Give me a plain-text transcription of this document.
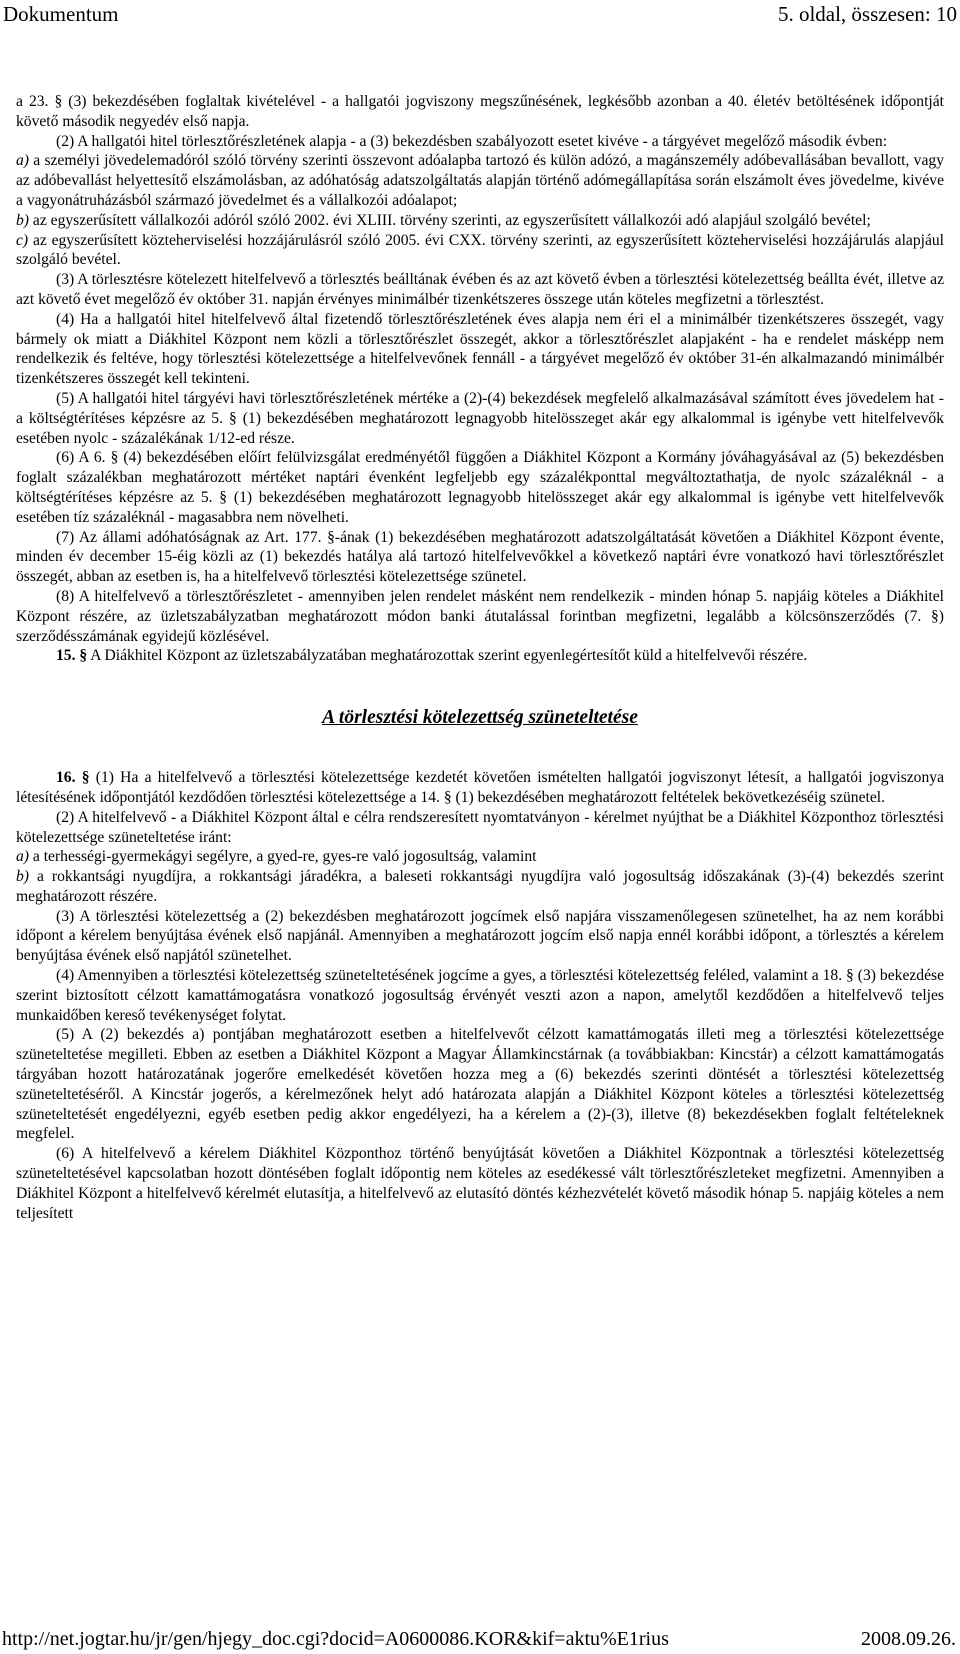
Dokumentum	5. oldal, összesen: 10

a 23. § (3) bekezdésében foglaltak kivételével - a hallgatói jogviszony megszűnésének, legkésőbb azonban a 40. életév betöltésének időpontját követő második negyedév első napja.

(2) A hallgatói hitel törlesztőrészletének alapja - a (3) bekezdésben szabályozott esetet kivéve - a tárgyévet megelőző második évben:

a) a személyi jövedelemadóról szóló törvény szerinti összevont adóalapba tartozó és külön adózó, a magánszemély adóbevallásában bevallott, vagy az adóbevallást helyettesítő elszámolásban, az adóhatóság adatszolgáltatás alapján történő adómegállapítása során elszámolt éves jövedelme, kivéve a vagyonátruházásból származó jövedelmet és a vállalkozói adóalapot;

b) az egyszerűsített vállalkozói adóról szóló 2002. évi XLIII. törvény szerinti, az egyszerűsített vállalkozói adó alapjául szolgáló bevétel;

c) az egyszerűsített közteherviselési hozzájárulásról szóló 2005. évi CXX. törvény szerinti, az egyszerűsített közteherviselési hozzájárulás alapjául szolgáló bevétel.

(3) A törlesztésre kötelezett hitelfelvevő a törlesztés beálltának évében és az azt követő évben a törlesztési kötelezettség beállta évét, illetve az azt követő évet megelőző év október 31. napján érvényes minimálbér tizenkétszeres összege után köteles megfizetni a törlesztést.

(4) Ha a hallgatói hitel hitelfelvevő által fizetendő törlesztőrészletének éves alapja nem éri el a minimálbér tizenkétszeres összegét, vagy bármely ok miatt a Diákhitel Központ nem közli a törlesztőrészlet összegét, akkor a törlesztőrészlet alapjaként - ha e rendelet másképp nem rendelkezik és feltéve, hogy törlesztési kötelezettsége a hitelfelvevőnek fennáll - a tárgyévet megelőző év október 31-én alkalmazandó minimálbér tizenkétszeres összegét kell tekinteni.

(5) A hallgatói hitel tárgyévi havi törlesztőrészletének mértéke a (2)-(4) bekezdések megfelelő alkalmazásával számított éves jövedelem hat - a költségtérítéses képzésre az 5. § (1) bekezdésében meghatározott legnagyobb hitelösszeget akár egy alkalommal is igénybe vett hitelfelvevők esetében nyolc - százalékának 1/12-ed része.

(6) A 6. § (4) bekezdésében előírt felülvizsgálat eredményétől függően a Diákhitel Központ a Kormány jóváhagyásával az (5) bekezdésben foglalt százalékban meghatározott mértéket naptári évenként legfeljebb egy százalékponttal megváltoztathatja, de nyolc százaléknál - a költségtérítéses képzésre az 5. § (1) bekezdésében meghatározott legnagyobb hitelösszeget akár egy alkalommal is igénybe vett hitelfelvevők esetében tíz százaléknál - magasabbra nem növelheti.

(7) Az állami adóhatóságnak az Art. 177. §-ának (1) bekezdésében meghatározott adatszolgáltatását követően a Diákhitel Központ évente, minden év december 15-éig közli az (1) bekezdés hatálya alá tartozó hitelfelvevőkkel a következő naptári évre vonatkozó havi törlesztőrészlet összegét, abban az esetben is, ha a hitelfelvevő törlesztési kötelezettsége szünetel.

(8) A hitelfelvevő a törlesztőrészletet - amennyiben jelen rendelet másként nem rendelkezik - minden hónap 5. napjáig köteles a Diákhitel Központ részére, az üzletszabályzatban meghatározott módon banki átutalással forintban megfizetni, legalább a kölcsönszerződés (7. §) szerződésszámának egyidejű közlésével.

15. § A Diákhitel Központ az üzletszabályzatában meghatározottak szerint egyenlegértesítőt küld a hitelfelvevői részére.

A törlesztési kötelezettség szüneteltetése

16. § (1) Ha a hitelfelvevő a törlesztési kötelezettsége kezdetét követően ismételten hallgatói jogviszonyt létesít, a hallgatói jogviszonya létesítésének időpontjától kezdődően törlesztési kötelezettsége a 14. § (1) bekezdésében meghatározott feltételek bekövetkezéséig szünetel.

(2) A hitelfelvevő - a Diákhitel Központ által e célra rendszeresített nyomtatványon - kérelmet nyújthat be a Diákhitel Központhoz törlesztési kötelezettsége szüneteltetése iránt:

a) a terhességi-gyermekágyi segélyre, a gyed-re, gyes-re való jogosultság, valamint

b) a rokkantsági nyugdíjra, a rokkantsági járadékra, a baleseti rokkantsági nyugdíjra való jogosultság időszakának (3)-(4) bekezdés szerint meghatározott részére.

(3) A törlesztési kötelezettség a (2) bekezdésben meghatározott jogcímek első napjára visszamenőlegesen szünetelhet, ha az nem korábbi időpont a kérelem benyújtása évének első napjánál. Amennyiben a meghatározott jogcím első napja ennél korábbi időpont, a törlesztés a kérelem benyújtása évének első napjától szünetelhet.

(4) Amennyiben a törlesztési kötelezettség szüneteltetésének jogcíme a gyes, a törlesztési kötelezettség feléled, valamint a 18. § (3) bekezdése szerint biztosított célzott kamattámogatásra vonatkozó jogosultság érvényét veszti azon a napon, amelytől kezdődően a hitelfelvevő teljes munkaidőben kereső tevékenységet folytat.

(5) A (2) bekezdés a) pontjában meghatározott esetben a hitelfelvevőt célzott kamattámogatás illeti meg a törlesztési kötelezettsége szüneteltetése megilleti. Ebben az esetben a Diákhitel Központ a Magyar Államkincstárnak (a továbbiakban: Kincstár) a célzott kamattámogatás tárgyában hozott határozatának jogerőre emelkedését követően hozza meg a (6) bekezdés szerinti döntését a törlesztési kötelezettség szüneteltetéséről. A Kincstár jogerős, a kérelmezőnek helyt adó határozata alapján a Diákhitel Központ köteles a törlesztési kötelezettség szüneteltetését engedélyezni, egyéb esetben pedig akkor engedélyezi, ha a kérelem a (2)-(3), illetve (8) bekezdésekben foglalt feltételeknek megfelel.

(6) A hitelfelvevő a kérelem Diákhitel Központhoz történő benyújtását követően a Diákhitel Központnak a törlesztési kötelezettség szüneteltetésével kapcsolatban hozott döntésében foglalt időpontig nem köteles az esedékessé vált törlesztőrészleteket megfizetni. Amennyiben a Diákhitel Központ a hitelfelvevő kérelmét elutasítja, a hitelfelvevő az elutasító döntés kézhezvételét követő második hónap 5. napjáig köteles a nem teljesített

http://net.jogtar.hu/jr/gen/hjegy_doc.cgi?docid=A0600086.KOR&kif=aktu%E1rius	2008.09.26.
